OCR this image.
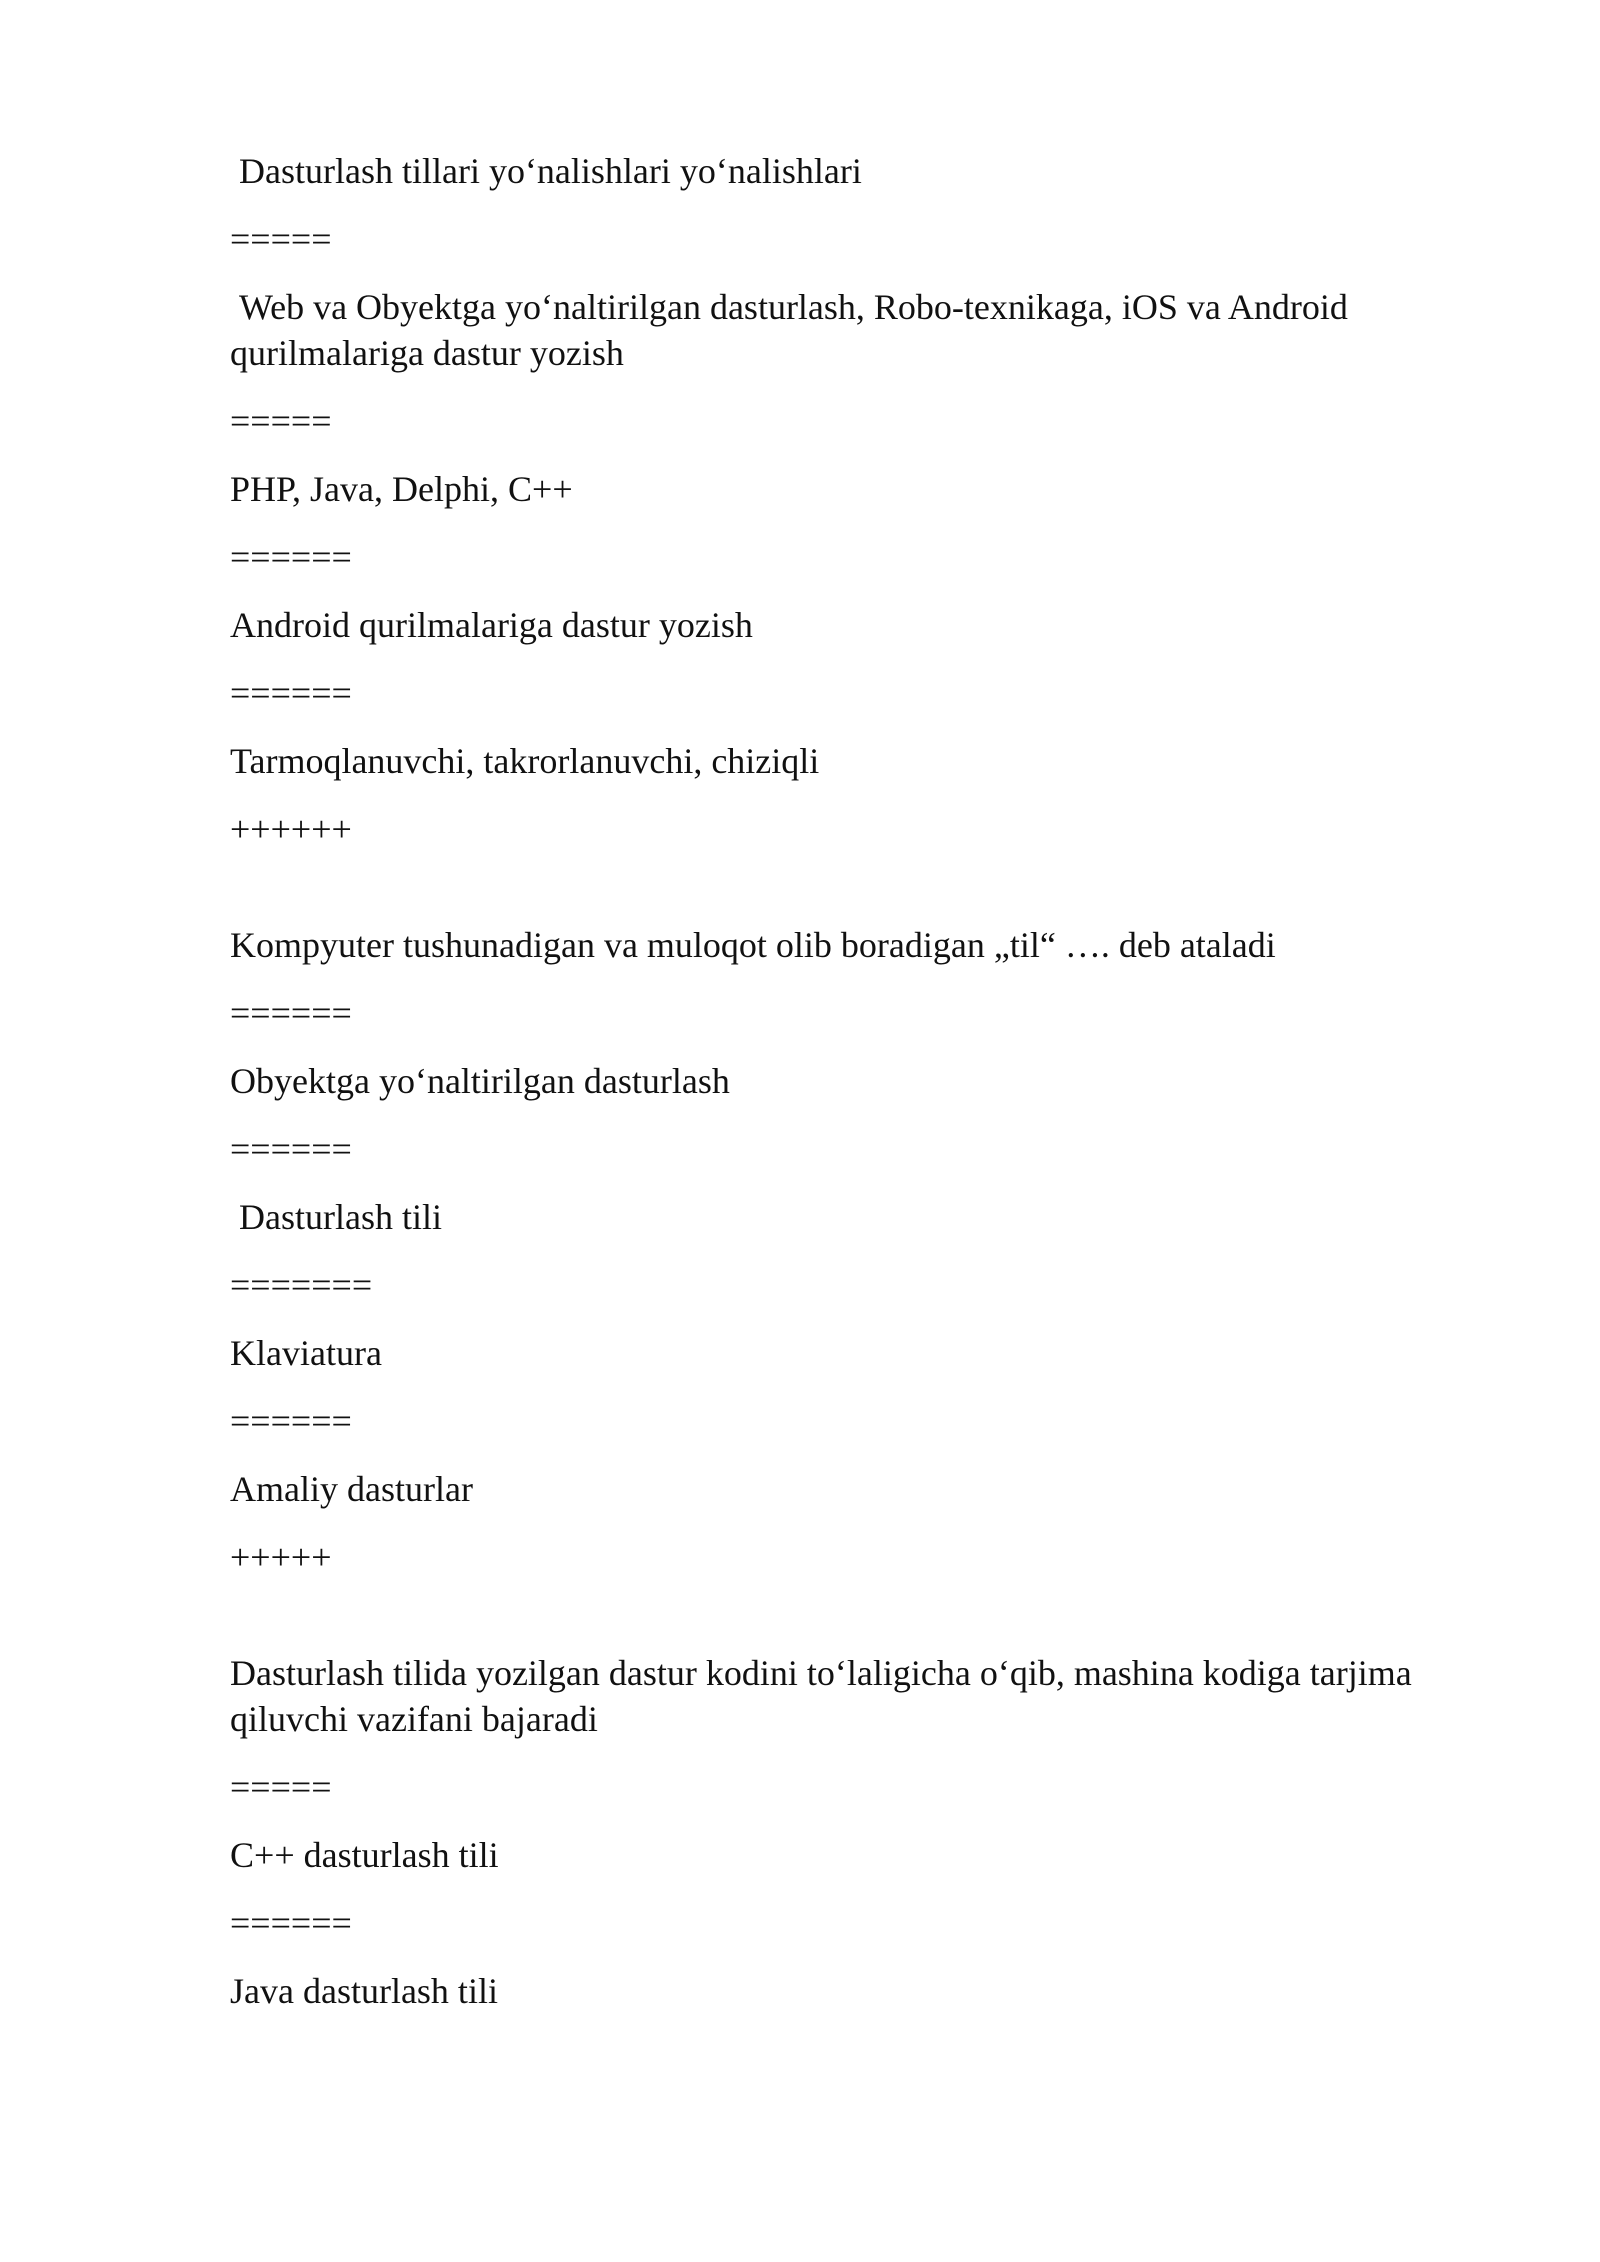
Dasturlash tillari yo‘nalishlari yo‘nalishlari
=====
Web va Obyektga yo‘naltirilgan dasturlash, Robo-texnikaga, iOS va Android qurilmalariga dastur yozish
=====
PHP, Java, Delphi, C++
======
Android qurilmalariga dastur yozish
======
Tarmoqlanuvchi, takrorlanuvchi, chiziqli
++++++
Kompyuter tushunadigan va muloqot olib boradigan „til“ …. deb ataladi
======
Obyektga yo‘naltirilgan dasturlash
======
Dasturlash tili
=======
Klaviatura
======
Amaliy dasturlar
+++++
Dasturlash tilida yozilgan dastur kodini to‘laligicha o‘qib, mashina kodiga tarjima qiluvchi vazifani bajaradi
=====
C++ dasturlash tili
======
Java dasturlash tili
